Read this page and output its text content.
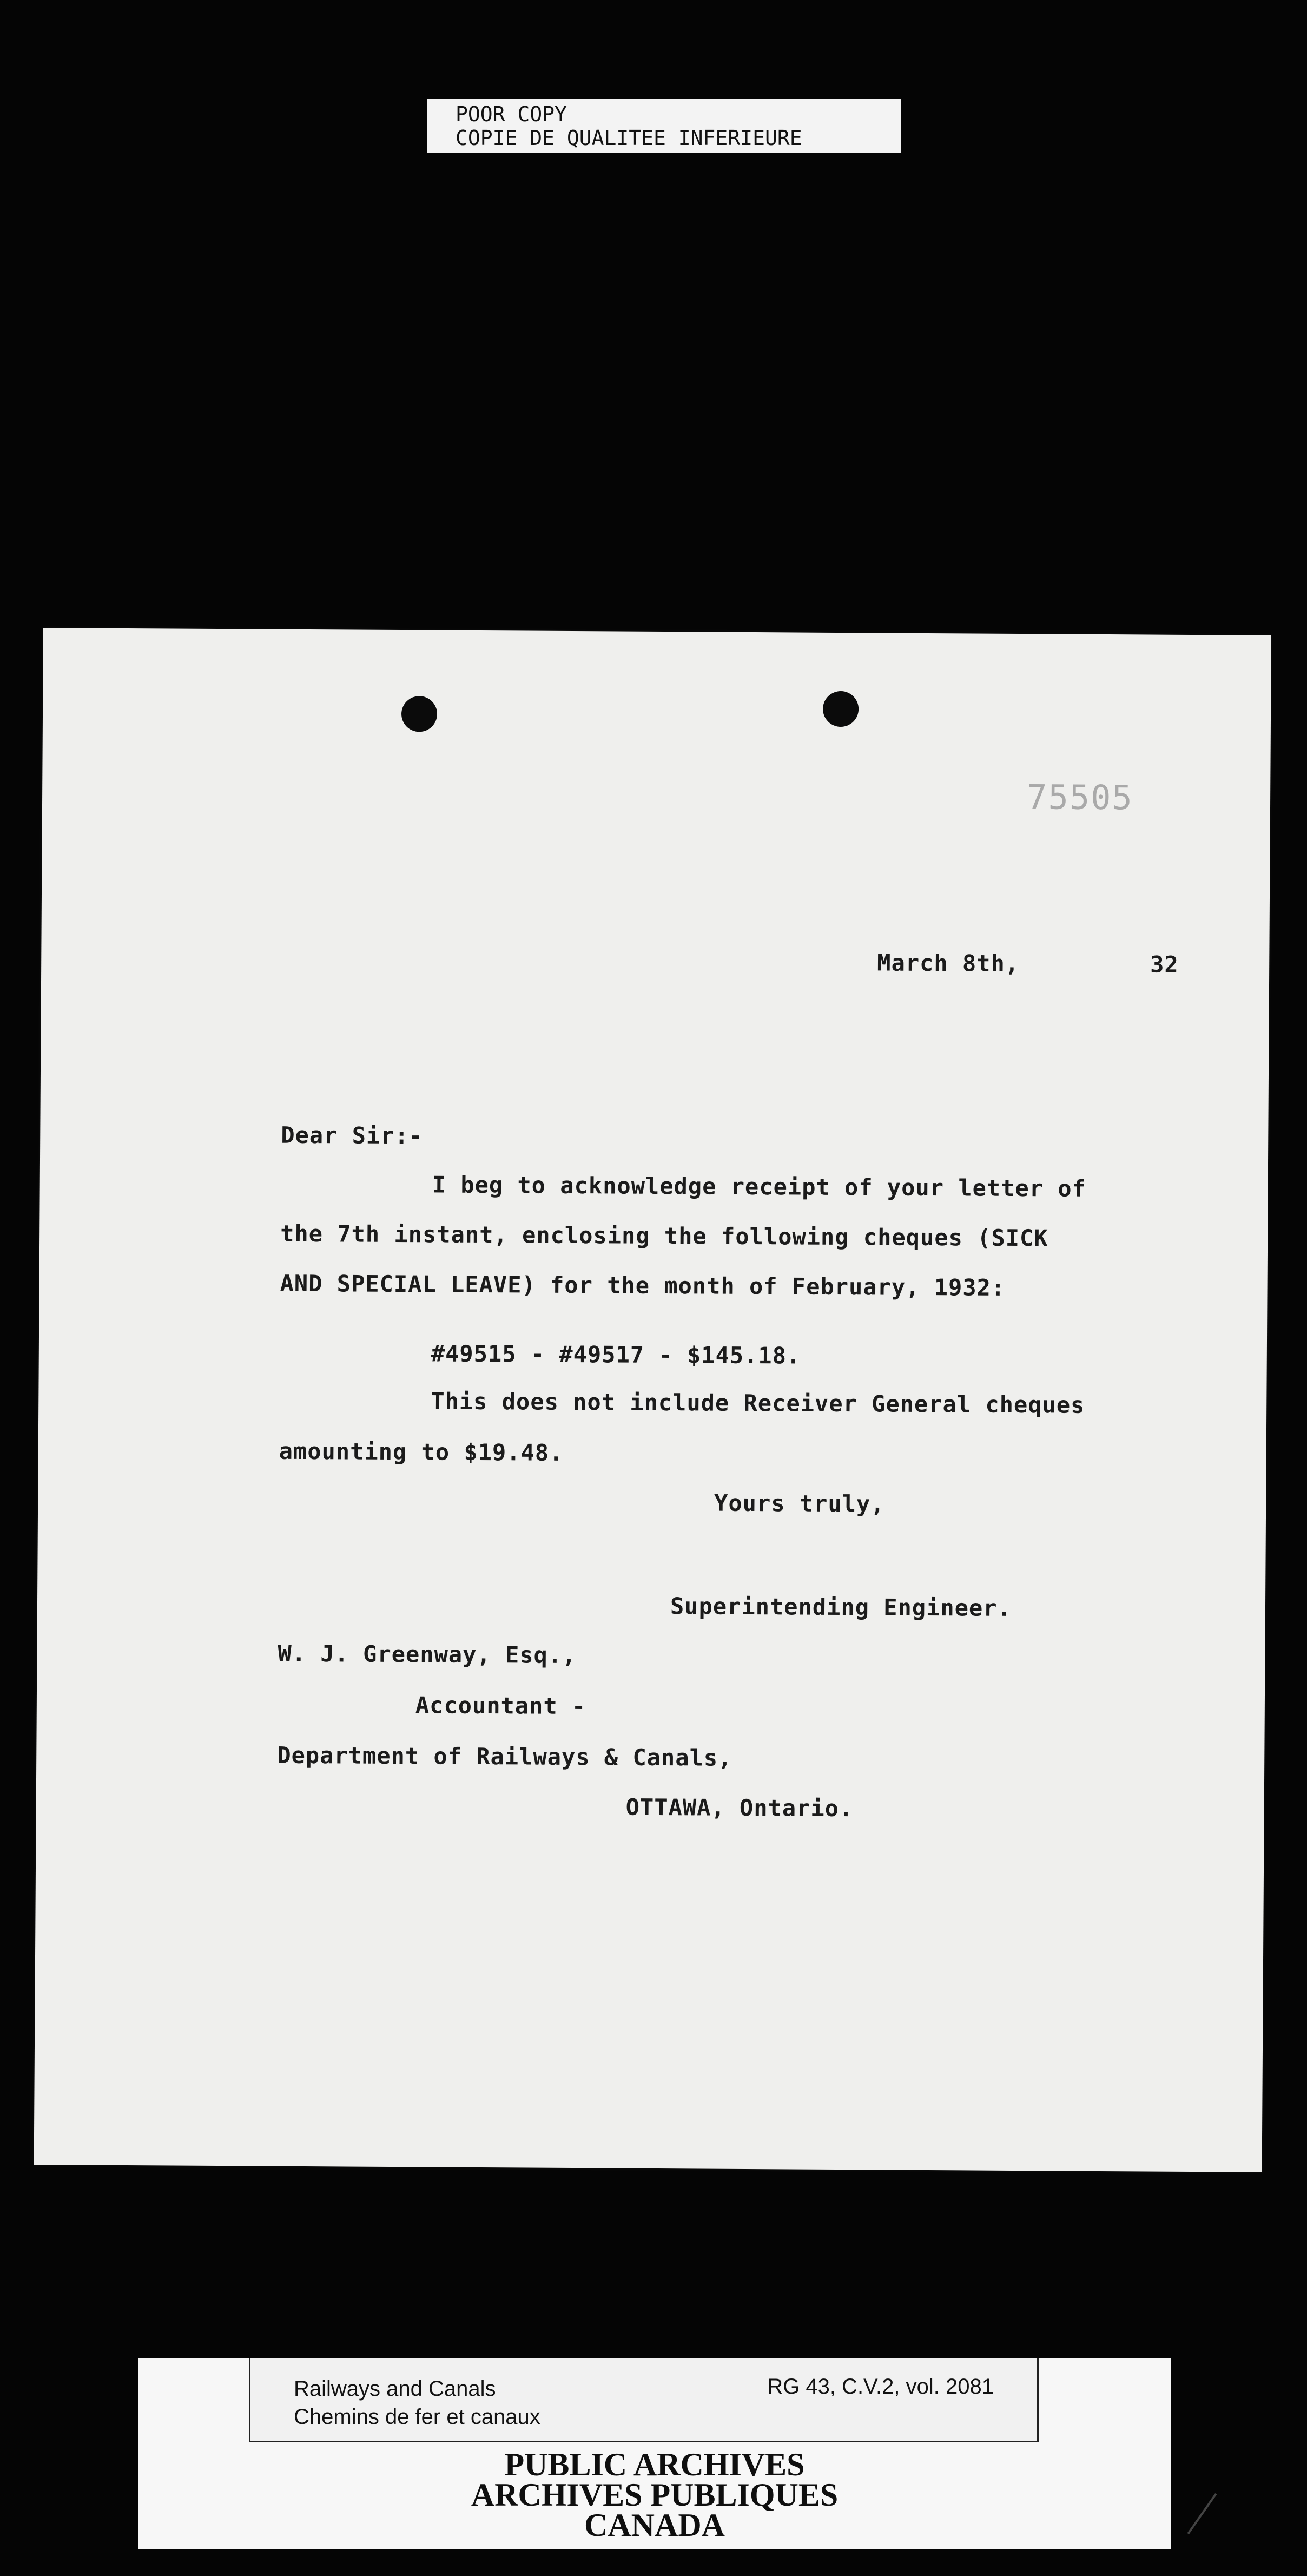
POOR COPY
COPIE DE QUALITEE INFERIEURE
75505
March 8th,	32
Dear Sir:-
I beg to acknowledge receipt of your letter of
the 7th instant, enclosing the following cheques (SICK
AND SPECIAL LEAVE) for the month of February, 1932:
#49515 - #49517 - $145.18.
This does not include Receiver General cheques
amounting to $19.48.
Yours truly,
Superintending Engineer.
W. J. Greenway, Esq.,
Accountant -
Department of Railways & Canals,
OTTAWA, Ontario.
Railways and Canals
Chemins de fer et canaux
RG 43, C.V.2, vol. 2081
PUBLIC ARCHIVES
ARCHIVES PUBLIQUES
CANADA
